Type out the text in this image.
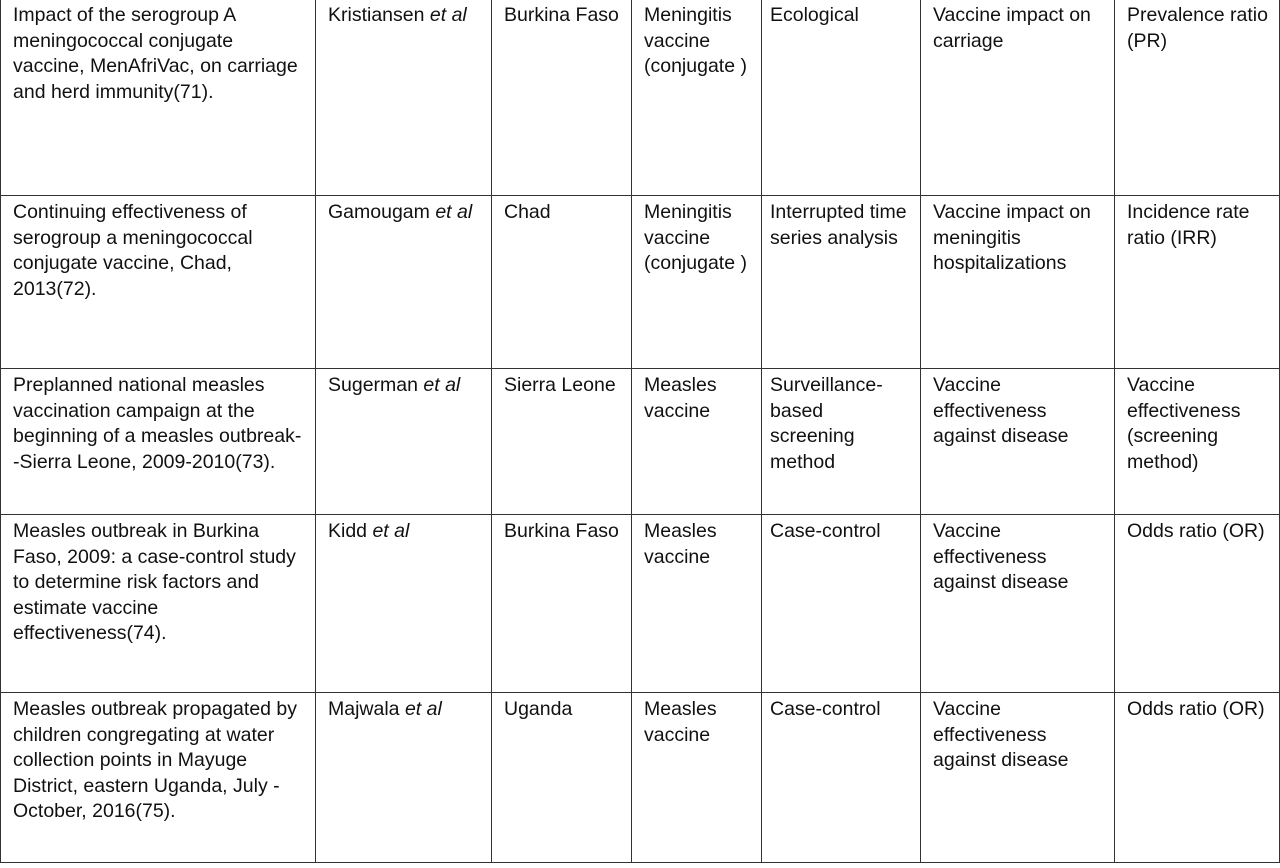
Impact of the serogroup A meningococcal conjugate vaccine, MenAfriVac, on carriage and herd immunity(71).	Kristiansen et al	Burkina Faso	Meningitis vaccine (conjugate )	Ecological	Vaccine impact on carriage	Prevalence ratio (PR)
Continuing effectiveness of serogroup a meningococcal conjugate vaccine, Chad, 2013(72).	Gamougam et al	Chad	Meningitis vaccine (conjugate )	Interrupted time series analysis	Vaccine impact on meningitis hospitalizations	Incidence rate ratio (IRR)
Preplanned national measles vaccination campaign at the beginning of a measles outbreak--Sierra Leone, 2009-2010(73).	Sugerman et al	Sierra Leone	Measles vaccine	Surveillance-based screening method	Vaccine effectiveness against disease	Vaccine effectiveness (screening method)
Measles outbreak in Burkina Faso, 2009: a case-control study to determine risk factors and estimate vaccine effectiveness(74).	Kidd et al	Burkina Faso	Measles vaccine	Case-control	Vaccine effectiveness against disease	Odds ratio (OR)
Measles outbreak propagated by children congregating at water collection points in Mayuge District, eastern Uganda, July - October, 2016(75).	Majwala et al	Uganda	Measles vaccine	Case-control	Vaccine effectiveness against disease	Odds ratio (OR)
